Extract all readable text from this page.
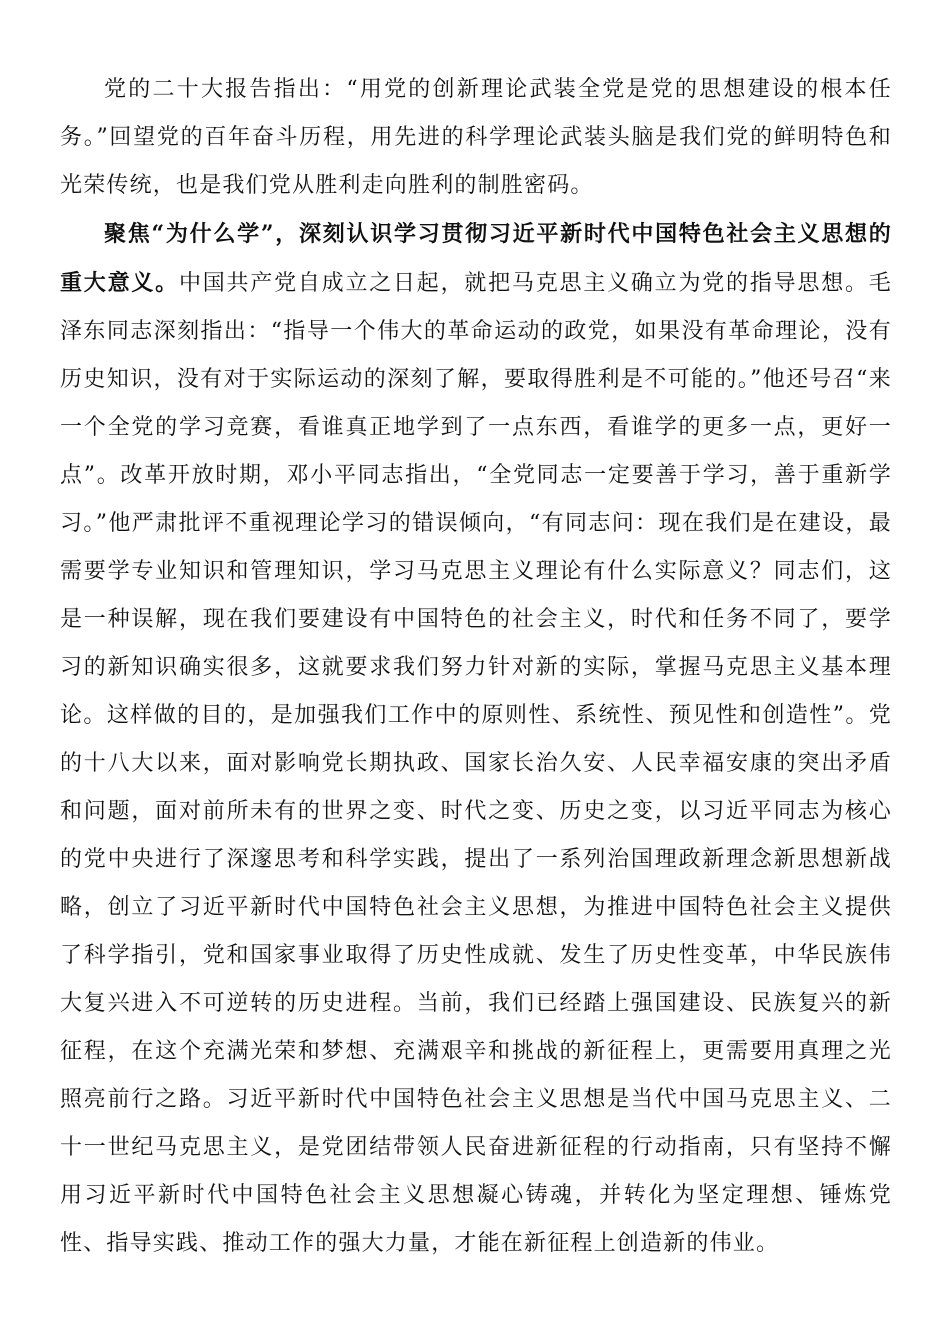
党的二十大报告指出：“用党的创新理论武装全党是党的思想建设的根本任务。”回望党的百年奋斗历程，用先进的科学理论武装头脑是我们党的鲜明特色和光荣传统，也是我们党从胜利走向胜利的制胜密码。

聚焦“为什么学”，深刻认识学习贯彻习近平新时代中国特色社会主义思想的重大意义。中国共产党自成立之日起，就把马克思主义确立为党的指导思想。毛泽东同志深刻指出：“指导一个伟大的革命运动的政党，如果没有革命理论，没有历史知识，没有对于实际运动的深刻了解，要取得胜利是不可能的。”他还号召“来一个全党的学习竞赛，看谁真正地学到了一点东西，看谁学的更多一点，更好一点”。改革开放时期，邓小平同志指出，“全党同志一定要善于学习，善于重新学习。”他严肃批评不重视理论学习的错误倾向，“有同志问：现在我们是在建设，最需要学专业知识和管理知识，学习马克思主义理论有什么实际意义？同志们，这是一种误解，现在我们要建设有中国特色的社会主义，时代和任务不同了，要学习的新知识确实很多，这就要求我们努力针对新的实际，掌握马克思主义基本理论。这样做的目的，是加强我们工作中的原则性、系统性、预见性和创造性”。党的十八大以来，面对影响党长期执政、国家长治久安、人民幸福安康的突出矛盾和问题，面对前所未有的世界之变、时代之变、历史之变，以习近平同志为核心的党中央进行了深邃思考和科学实践，提出了一系列治国理政新理念新思想新战略，创立了习近平新时代中国特色社会主义思想，为推进中国特色社会主义提供了科学指引，党和国家事业取得了历史性成就、发生了历史性变革，中华民族伟大复兴进入不可逆转的历史进程。当前，我们已经踏上强国建设、民族复兴的新征程，在这个充满光荣和梦想、充满艰辛和挑战的新征程上，更需要用真理之光照亮前行之路。习近平新时代中国特色社会主义思想是当代中国马克思主义、二十一世纪马克思主义，是党团结带领人民奋进新征程的行动指南，只有坚持不懈用习近平新时代中国特色社会主义思想凝心铸魂，并转化为坚定理想、锤炼党性、指导实践、推动工作的强大力量，才能在新征程上创造新的伟业。
